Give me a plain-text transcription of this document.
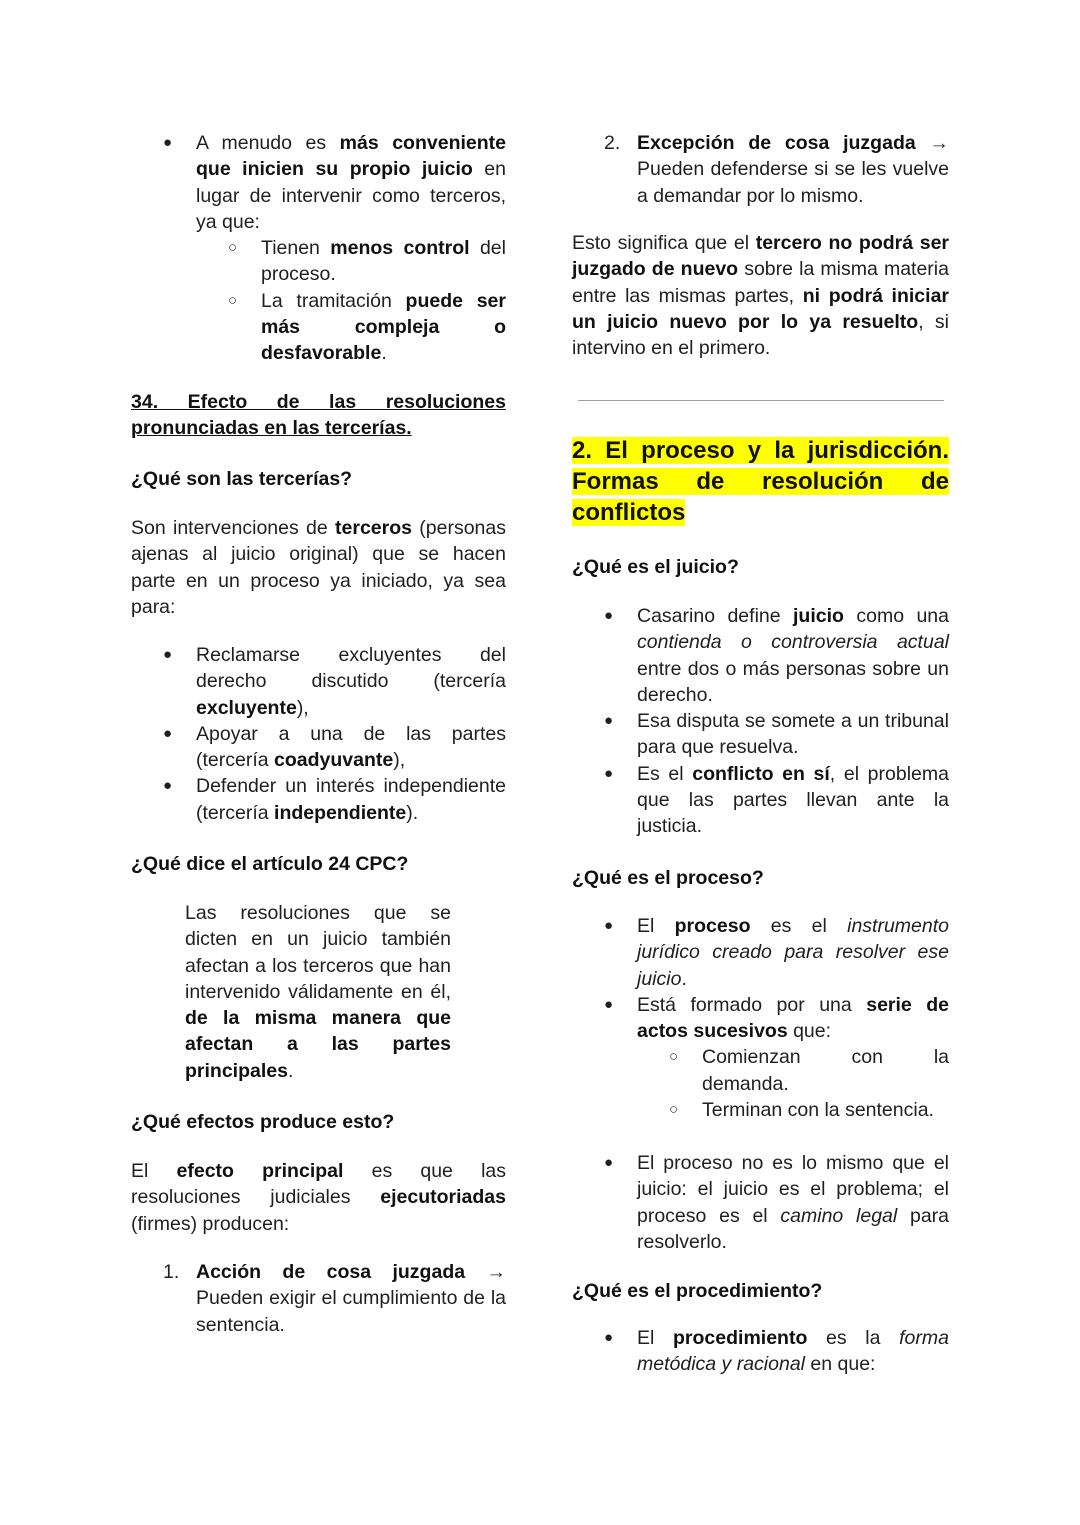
● A menudo es más conveniente que inicien su propio juicio en lugar de intervenir como terceros, ya que:
○ Tienen menos control del proceso.
○ La tramitación puede ser más compleja o desfavorable.

34. Efecto de las resoluciones pronunciadas en las tercerías.

¿Qué son las tercerías?

Son intervenciones de terceros (personas ajenas al juicio original) que se hacen parte en un proceso ya iniciado, ya sea para:

● Reclamarse excluyentes del derecho discutido (tercería excluyente),
● Apoyar a una de las partes (tercería coadyuvante),
● Defender un interés independiente (tercería independiente).

¿Qué dice el artículo 24 CPC?

Las resoluciones que se dicten en un juicio también afectan a los terceros que han intervenido válidamente en él, de la misma manera que afectan a las partes principales.

¿Qué efectos produce esto?

El efecto principal es que las resoluciones judiciales ejecutoriadas (firmes) producen:

1. Acción de cosa juzgada → Pueden exigir el cumplimiento de la sentencia.
2. Excepción de cosa juzgada → Pueden defenderse si se les vuelve a demandar por lo mismo.

Esto significa que el tercero no podrá ser juzgado de nuevo sobre la misma materia entre las mismas partes, ni podrá iniciar un juicio nuevo por lo ya resuelto, si intervino en el primero.

2. El proceso y la jurisdicción. Formas de resolución de conflictos

¿Qué es el juicio?

● Casarino define juicio como una contienda o controversia actual entre dos o más personas sobre un derecho.
● Esa disputa se somete a un tribunal para que resuelva.
● Es el conflicto en sí, el problema que las partes llevan ante la justicia.

¿Qué es el proceso?

● El proceso es el instrumento jurídico creado para resolver ese juicio.
● Está formado por una serie de actos sucesivos que:
○ Comienzan con la demanda.
○ Terminan con la sentencia.
● El proceso no es lo mismo que el juicio: el juicio es el problema; el proceso es el camino legal para resolverlo.

¿Qué es el procedimiento?

● El procedimiento es la forma metódica y racional en que:
